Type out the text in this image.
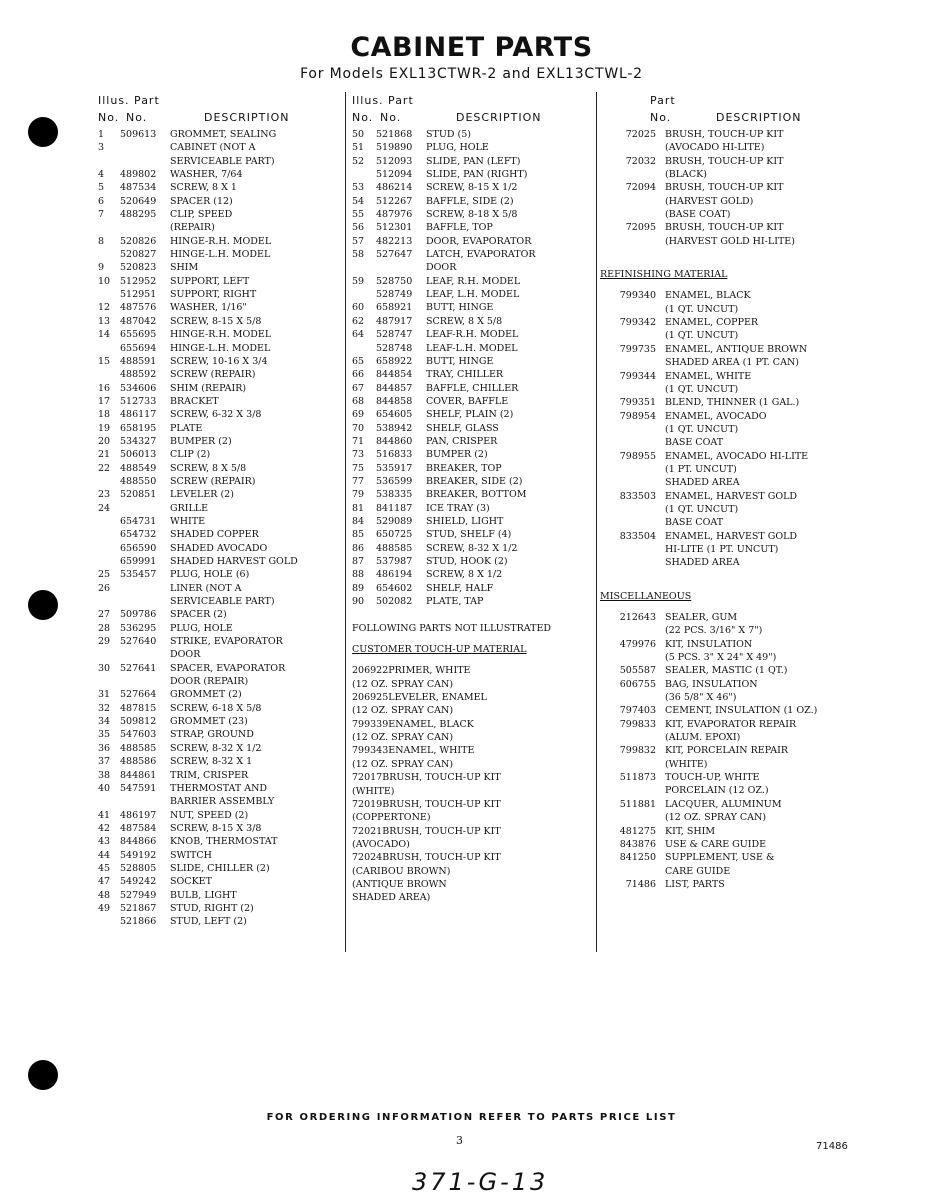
CABINET PARTS
For Models EXL13CTWR-2 and EXL13CTWL-2
Illus. Part
No. No.	DESCRIPTION
1	509613	GROMMET, SEALING
3	CABINET (NOT A
SERVICEABLE PART)
4	489802	WASHER, 7/64
5	487534	SCREW, 8 X 1
6	520649	SPACER (12)
7	488295	CLIP, SPEED
(REPAIR)
8	520826	HINGE-R.H. MODEL
520827	HINGE-L.H. MODEL
9	520823	SHIM
10	512952	SUPPORT, LEFT
512951	SUPPORT, RIGHT
12	487576	WASHER, 1/16"
13	487042	SCREW, 8-15 X 5/8
14	655695	HINGE-R.H. MODEL
655694	HINGE-L.H. MODEL
15	488591	SCREW, 10-16 X 3/4
488592	SCREW (REPAIR)
16	534606	SHIM (REPAIR)
17	512733	BRACKET
18	486117	SCREW, 6-32 X 3/8
19	658195	PLATE
20	534327	BUMPER (2)
21	506013	CLIP (2)
22	488549	SCREW, 8 X 5/8
488550	SCREW (REPAIR)
23	520851	LEVELER (2)
24	GRILLE
654731	WHITE
654732	SHADED COPPER
656590	SHADED AVOCADO
659991	SHADED HARVEST GOLD
25	535457	PLUG, HOLE (6)
26	LINER (NOT A
SERVICEABLE PART)
27	509786	SPACER (2)
28	536295	PLUG, HOLE
29	527640	STRIKE, EVAPORATOR
DOOR
30	527641	SPACER, EVAPORATOR
DOOR (REPAIR)
31	527664	GROMMET (2)
32	487815	SCREW, 6-18 X 5/8
34	509812	GROMMET (23)
35	547603	STRAP, GROUND
36	488585	SCREW, 8-32 X 1/2
37	488586	SCREW, 8-32 X 1
38	844861	TRIM, CRISPER
40	547591	THERMOSTAT AND
BARRIER ASSEMBLY
41	486197	NUT, SPEED (2)
42	487584	SCREW, 8-15 X 3/8
43	844866	KNOB, THERMOSTAT
44	549192	SWITCH
45	528805	SLIDE, CHILLER (2)
47	549242	SOCKET
48	527949	BULB, LIGHT
49	521867	STUD, RIGHT (2)
521866	STUD, LEFT (2)
Illus. Part
No. No.	DESCRIPTION
50	521868	STUD (5)
51	519890	PLUG, HOLE
52	512093	SLIDE, PAN (LEFT)
512094	SLIDE, PAN (RIGHT)
53	486214	SCREW, 8-15 X 1/2
54	512267	BAFFLE, SIDE (2)
55	487976	SCREW, 8-18 X 5/8
56	512301	BAFFLE, TOP
57	482213	DOOR, EVAPORATOR
58	527647	LATCH, EVAPORATOR
DOOR
59	528750	LEAF, R.H. MODEL
528749	LEAF, L.H. MODEL
60	658921	BUTT, HINGE
62	487917	SCREW, 8 X 5/8
64	528747	LEAF-R.H. MODEL
528748	LEAF-L.H. MODEL
65	658922	BUTT, HINGE
66	844854	TRAY, CHILLER
67	844857	BAFFLE, CHILLER
68	844858	COVER, BAFFLE
69	654605	SHELF, PLAIN (2)
70	538942	SHELF, GLASS
71	844860	PAN, CRISPER
73	516833	BUMPER (2)
75	535917	BREAKER, TOP
77	536599	BREAKER, SIDE (2)
79	538335	BREAKER, BOTTOM
81	841187	ICE TRAY (3)
84	529089	SHIELD, LIGHT
85	650725	STUD, SHELF (4)
86	488585	SCREW, 8-32 X 1/2
87	537987	STUD, HOOK (2)
88	486194	SCREW, 8 X 1/2
89	654602	SHELF, HALF
90	502082	PLATE, TAP
FOLLOWING PARTS NOT ILLUSTRATED
CUSTOMER TOUCH-UP MATERIAL
206922 PRIMER, WHITE
(12 OZ. SPRAY CAN)
206925 LEVELER, ENAMEL
(12 OZ. SPRAY CAN)
799339 ENAMEL, BLACK
(12 OZ. SPRAY CAN)
799343 ENAMEL, WHITE
(12 OZ. SPRAY CAN)
72017 BRUSH, TOUCH-UP KIT
(WHITE)
72019 BRUSH, TOUCH-UP KIT
(COPPERTONE)
72021 BRUSH, TOUCH-UP KIT
(AVOCADO)
72024 BRUSH, TOUCH-UP KIT
(CARIBOU BROWN)
(ANTIQUE BROWN
SHADED AREA)
Part
No.	DESCRIPTION
72025 BRUSH, TOUCH-UP KIT
(AVOCADO HI-LITE)
72032 BRUSH, TOUCH-UP KIT
(BLACK)
72094 BRUSH, TOUCH-UP KIT
(HARVEST GOLD)
(BASE COAT)
72095 BRUSH, TOUCH-UP KIT
(HARVEST GOLD HI-LITE)
REFINISHING MATERIAL
799340 ENAMEL, BLACK
(1 QT. UNCUT)
799342 ENAMEL, COPPER
(1 QT. UNCUT)
799735 ENAMEL, ANTIQUE BROWN
SHADED AREA (1 PT. CAN)
799344 ENAMEL, WHITE
(1 QT. UNCUT)
799351 BLEND, THINNER (1 GAL.)
798954 ENAMEL, AVOCADO
(1 QT. UNCUT)
BASE COAT
798955 ENAMEL, AVOCADO HI-LITE
(1 PT. UNCUT)
SHADED AREA
833503 ENAMEL, HARVEST GOLD
(1 QT. UNCUT)
BASE COAT
833504 ENAMEL, HARVEST GOLD
HI-LITE (1 PT. UNCUT)
SHADED AREA
MISCELLANEOUS
212643 SEALER, GUM
(22 PCS. 3/16" X 7")
479976 KIT, INSULATION
(5 PCS. 3" X 24" X 49")
505587 SEALER, MASTIC (1 QT.)
606755 BAG, INSULATION
(36 5/8" X 46")
797403 CEMENT, INSULATION (1 OZ.)
799833 KIT, EVAPORATOR REPAIR
(ALUM. EPOXI)
799832 KIT, PORCELAIN REPAIR
(WHITE)
511873 TOUCH-UP, WHITE
PORCELAIN (12 OZ.)
511881 LACQUER, ALUMINUM
(12 OZ. SPRAY CAN)
481275 KIT, SHIM
843876 USE & CARE GUIDE
841250 SUPPLEMENT, USE &
CARE GUIDE
71486 LIST, PARTS
FOR ORDERING INFORMATION REFER TO PARTS PRICE LIST
3	71486
371-G-13
